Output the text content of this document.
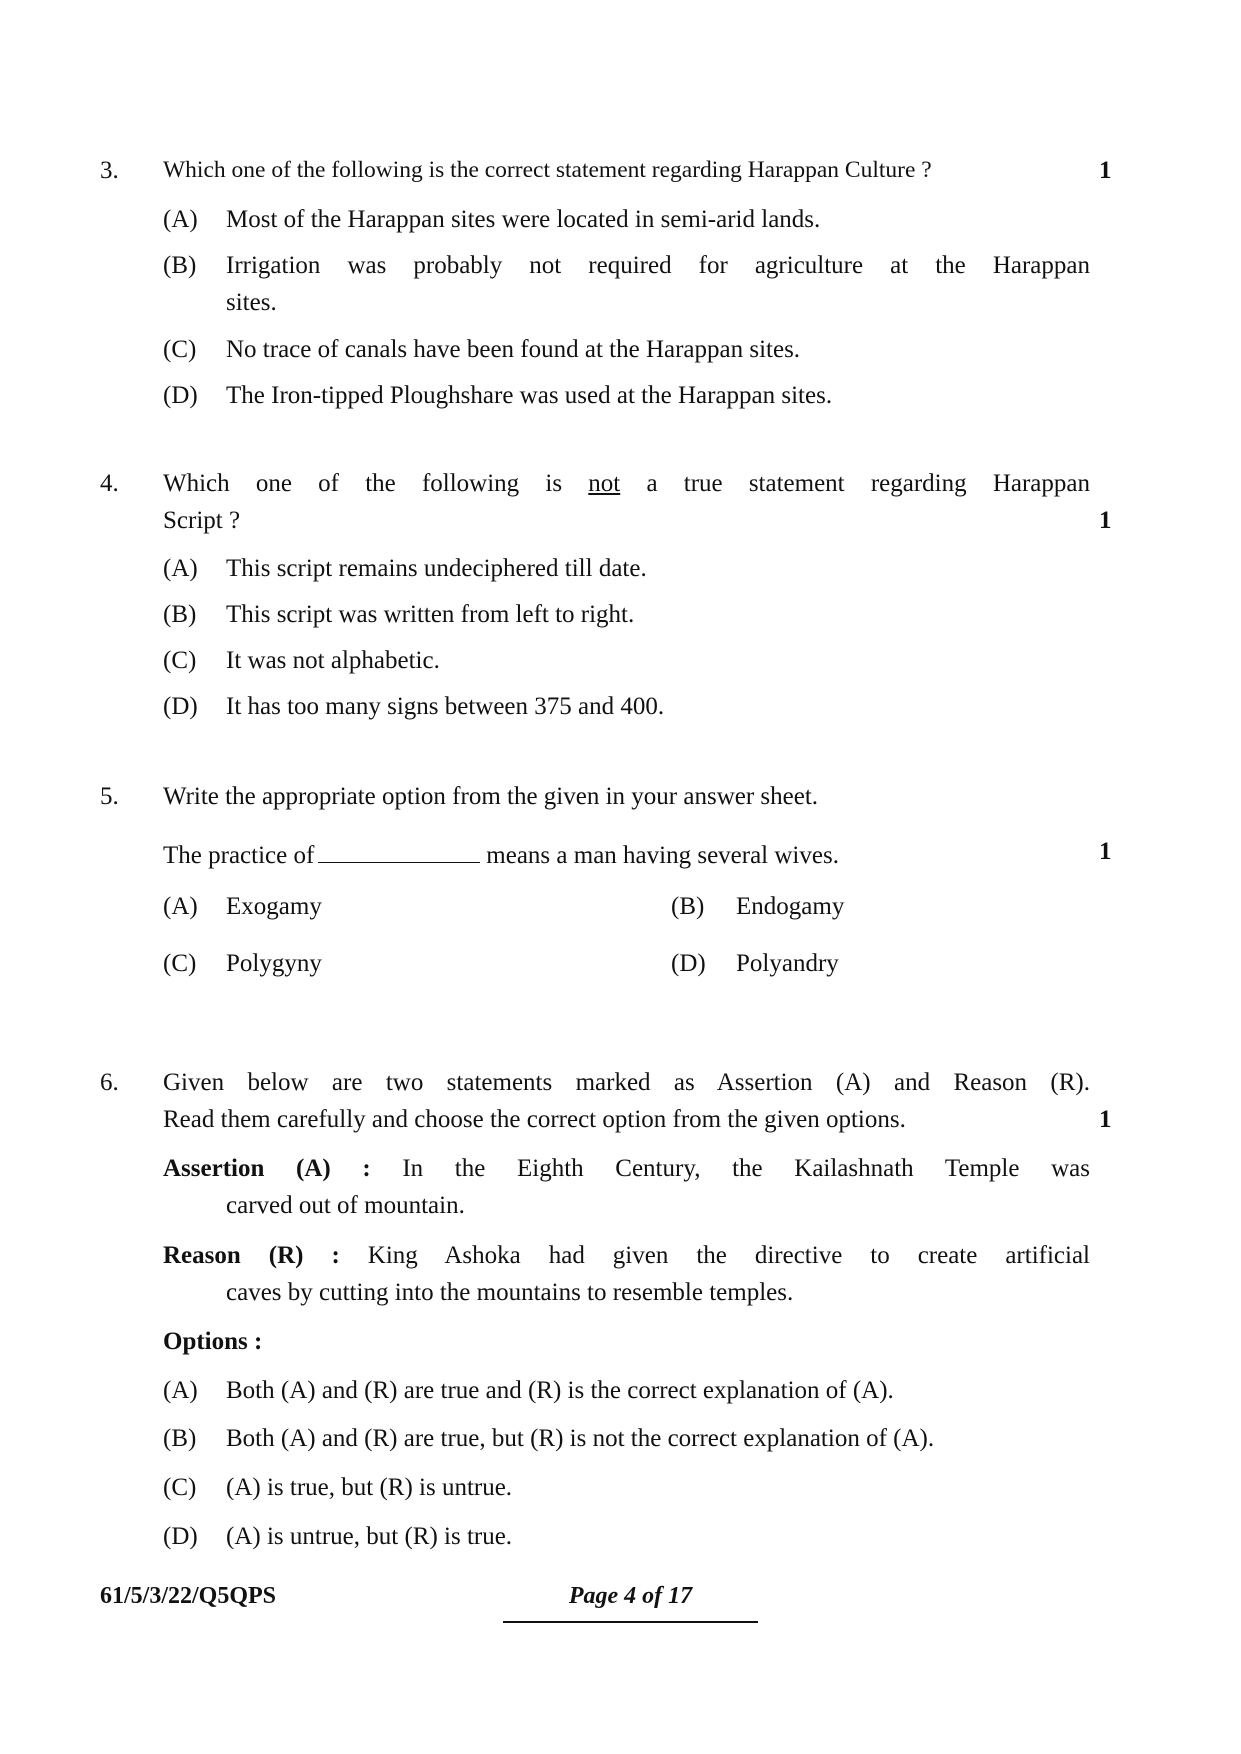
3. Which one of the following is the correct statement regarding Harappan Culture ?	1
(A) Most of the Harappan sites were located in semi-arid lands.
(B) Irrigation was probably not required for agriculture at the Harappan
sites.
(C) No trace of canals have been found at the Harappan sites.
(D) The Iron-tipped Ploughshare was used at the Harappan sites.
4. Which one of the following is not a true statement regarding Harappan
Script ?	1
(A) This script remains undeciphered till date.
(B) This script was written from left to right.
(C) It was not alphabetic.
(D) It has too many signs between 375 and 400.
5. Write the appropriate option from the given in your answer sheet.
The practice of	means a man having several wives.	1
(A) Exogamy	(B) Endogamy
(C) Polygyny	(D) Polyandry
6. Given below are two statements marked as Assertion (A) and Reason (R).
Read them carefully and choose the correct option from the given options.	1
Assertion (A) : In the Eighth Century, the Kailashnath Temple was
carved out of mountain.
Reason (R) : King Ashoka had given the directive to create artificial
caves by cutting into the mountains to resemble temples.
Options :
(A) Both (A) and (R) are true and (R) is the correct explanation of (A).
(B) Both (A) and (R) are true, but (R) is not the correct explanation of (A).
(C) (A) is true, but (R) is untrue.
(D) (A) is untrue, but (R) is true.
61/5/3/22/Q5QPS	Page 4 of 17
